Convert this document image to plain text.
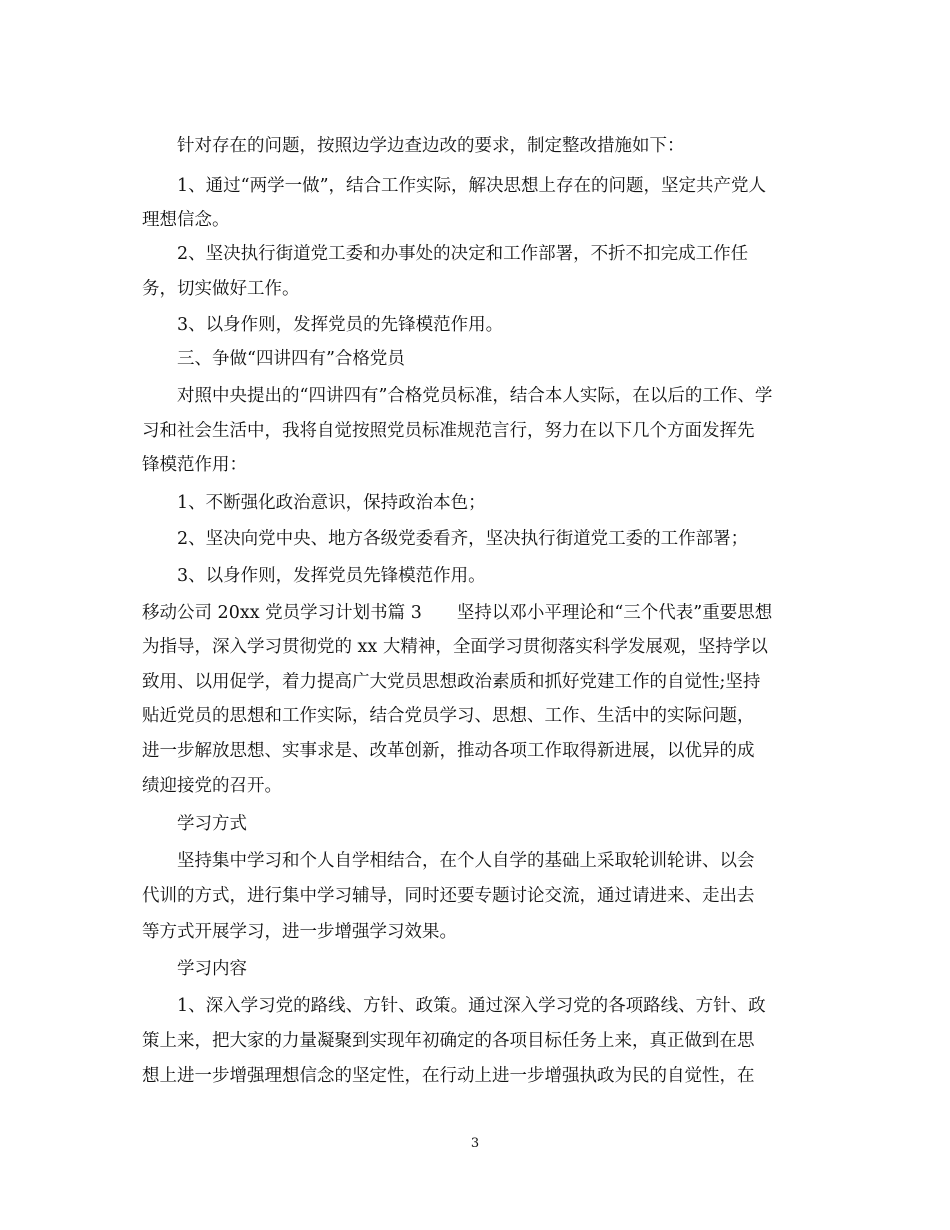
针对存在的问题，按照边学边查边改的要求，制定整改措施如下：

1、通过“两学一做”，结合工作实际，解决思想上存在的问题，坚定共产党人

理想信念。

2、坚决执行街道党工委和办事处的决定和工作部署，不折不扣完成工作任

务，切实做好工作。

3、以身作则，发挥党员的先锋模范作用。

三、争做“四讲四有”合格党员

对照中央提出的“四讲四有”合格党员标准，结合本人实际，在以后的工作、学

习和社会生活中，我将自觉按照党员标准规范言行，努力在以下几个方面发挥先

锋模范作用：

1、不断强化政治意识，保持政治本色；

2、坚决向党中央、地方各级党委看齐，坚决执行街道党工委的工作部署；

3、以身作则，发挥党员先锋模范作用。

移动公司 20xx 党员学习计划书篇 3　　坚持以邓小平理论和“三个代表”重要思想

为指导，深入学习贯彻党的 xx 大精神，全面学习贯彻落实科学发展观，坚持学以

致用、以用促学，着力提高广大党员思想政治素质和抓好党建工作的自觉性;坚持

贴近党员的思想和工作实际，结合党员学习、思想、工作、生活中的实际问题，

进一步解放思想、实事求是、改革创新，推动各项工作取得新进展，以优异的成

绩迎接党的召开。

学习方式

坚持集中学习和个人自学相结合，在个人自学的基础上采取轮训轮讲、以会

代训的方式，进行集中学习辅导，同时还要专题讨论交流，通过请进来、走出去

等方式开展学习，进一步增强学习效果。

学习内容

1、深入学习党的路线、方针、政策。通过深入学习党的各项路线、方针、政

策上来，把大家的力量凝聚到实现年初确定的各项目标任务上来，真正做到在思

想上进一步增强理想信念的坚定性，在行动上进一步增强执政为民的自觉性，在

3
